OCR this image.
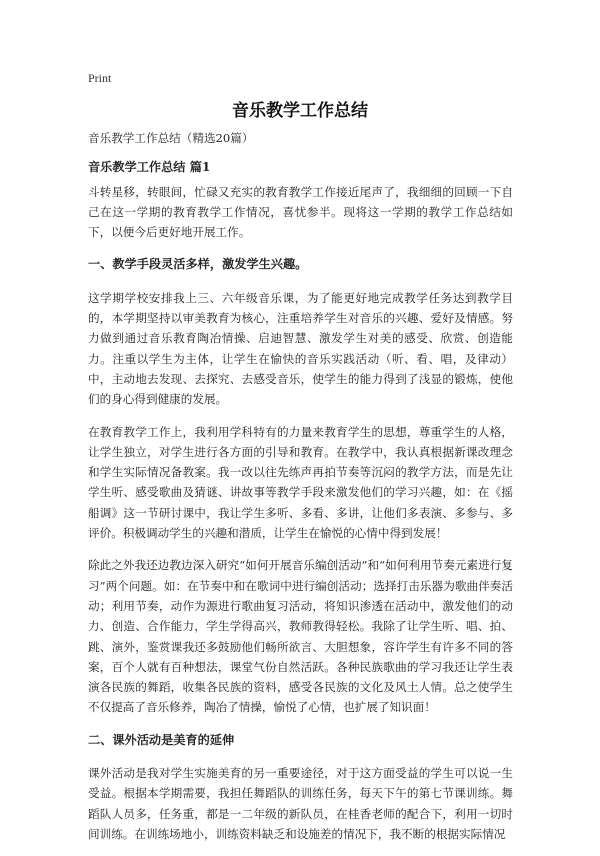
Print
音乐教学工作总结
音乐教学工作总结（精选20篇）
音乐教学工作总结 篇1

斗转星移，转眼间，忙碌又充实的教育教学工作接近尾声了，我细细的回顾一下自己在这一学期的教育教学工作情况，喜忧参半。现将这一学期的教学工作总结如下，以便今后更好地开展工作。

一、教学手段灵活多样，激发学生兴趣。

这学期学校安排我上三、六年级音乐课，为了能更好地完成教学任务达到教学目的，本学期坚持以审美教育为核心，注重培养学生对音乐的兴趣、爱好及情感。努力做到通过音乐教育陶冶情操、启迪智慧、激发学生对美的感受、欣赏、创造能力。注重以学生为主体，让学生在愉快的音乐实践活动（听、看、唱，及律动）中，主动地去发现、去探究、去感受音乐，使学生的能力得到了浅显的锻炼，使他们的身心得到健康的发展。

在教育教学工作上，我利用学科特有的力量来教育学生的思想，尊重学生的人格，让学生独立，对学生进行各方面的引导和教育。在教学中，我认真根据新课改理念和学生实际情况备教案。我一改以往先练声再拍节奏等沉闷的教学方法，而是先让学生听、感受歌曲及猜谜、讲故事等教学手段来激发他们的学习兴趣，如：在《摇船调》这一节研讨课中，我让学生多听、多看、多讲，让他们多表演、多参与、多评价。积极调动学生的兴趣和潜质，让学生在愉悦的心情中得到发展！

除此之外我还边教边深入研究“如何开展音乐编创活动”和“如何利用节奏元素进行复习”两个问题。如：在节奏中和在歌词中进行编创活动；选择打击乐器为歌曲伴奏活动；利用节奏，动作为源进行歌曲复习活动，将知识渗透在活动中，激发他们的动力、创造、合作能力，学生学得高兴，教师教得轻松。我除了让学生听、唱、拍、跳、演外，鉴赏课我还多鼓励他们畅所欲言、大胆想象，容许学生有许多不同的答案，百个人就有百种想法，课堂气份自然活跃。各种民族歌曲的学习我还让学生表演各民族的舞蹈，收集各民族的资料，感受各民族的文化及风土人情。总之使学生不仅提高了音乐修养，陶冶了情操，愉悦了心情，也扩展了知识面！

二、课外活动是美育的延伸

课外活动是我对学生实施美育的另一重要途径，对于这方面受益的学生可以说一生受益。根据本学期需要，我担任舞蹈队的训练任务，每天下午的第七节课训练。舞蹈队人员多，任务重，都是一二年级的新队员，在桂香老师的配合下，利用一切时间训练。在训练场地小，训练资料缺乏和设施差的情况下，我不断的根据实际情况
